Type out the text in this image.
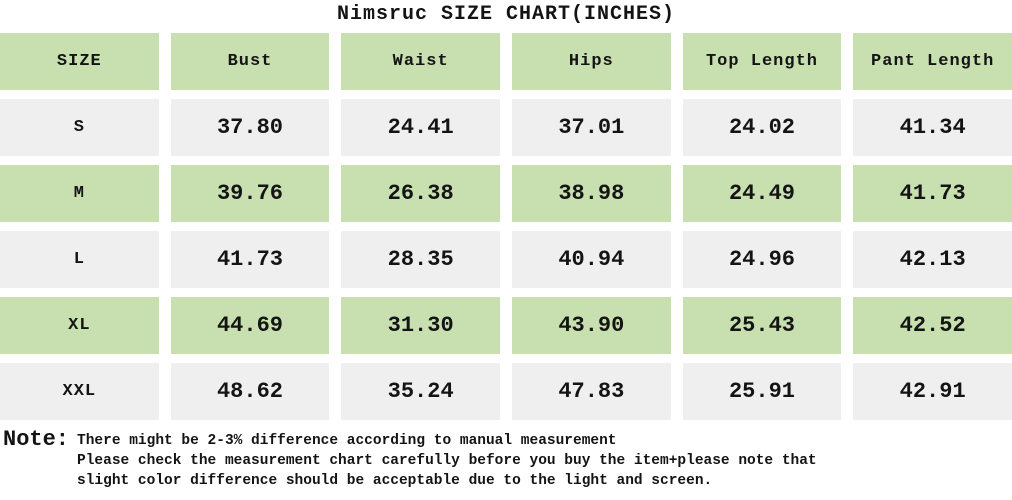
Nimsruc SIZE CHART(INCHES)
SIZE	Bust	Waist	Hips	Top Length	Pant Length
S	37.80	24.41	37.01	24.02	41.34
M	39.76	26.38	38.98	24.49	41.73
L	41.73	28.35	40.94	24.96	42.13
XL	44.69	31.30	43.90	25.43	42.52
XXL	48.62	35.24	47.83	25.91	42.91
Note: There might be 2-3% difference according to manual measurement
Please check the measurement chart carefully before you buy the item+please note that
slight color difference should be acceptable due to the light and screen.
